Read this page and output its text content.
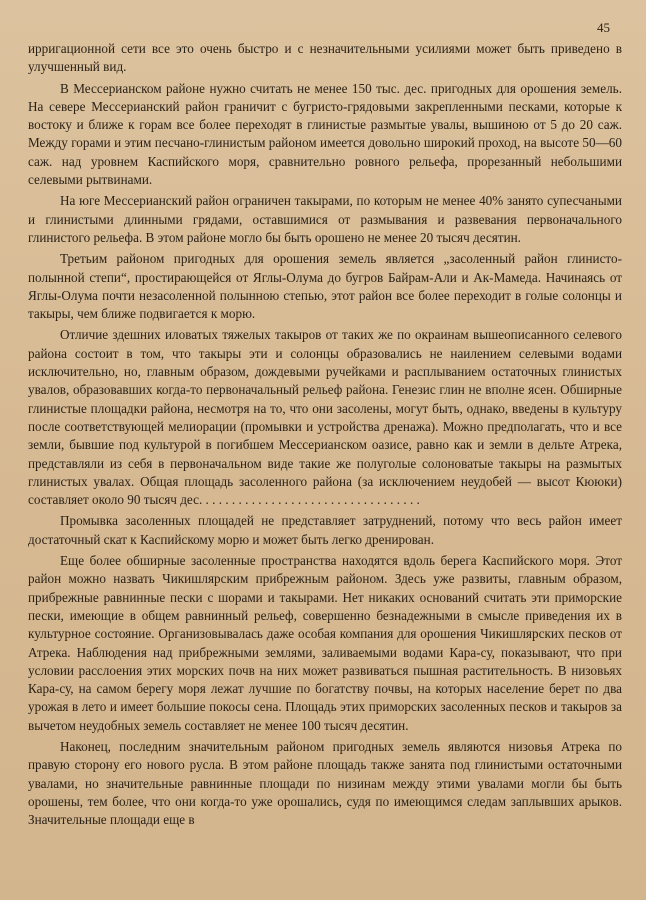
45

ирригационной сети все это очень быстро и с незначительными усилиями может быть приведено в улучшенный вид.

В Мессерианском районе нужно считать не менее 150 тыс. дес. пригодных для орошения земель. На севере Мессерианский район граничит с бугристо-грядовыми закрепленными песками, которые к востоку и ближе к горам все более переходят в глинистые размытые увалы, вышиною от 5 до 20 саж. Между горами и этим песчано-глинистым районом имеется довольно широкий проход, на высоте 50—60 саж. над уровнем Каспийского моря, сравнительно ровного рельефа, прорезанный небольшими селевыми рытвинами.

На юге Мессерианский район ограничен такырами, по которым не менее 40% занято супесчаными и глинистыми длинными грядами, оставшимися от размывания и развевания первоначального глинистого рельефа. В этом районе могло бы быть орошено не менее 20 тысяч десятин.

Третьим районом пригодных для орошения земель является „засоленный район глинисто-полынной степи“, простирающейся от Яглы-Олума до бугров Байрам-Али и Ак-Мамеда. Начинаясь от Яглы-Олума почти незасоленной полынною степью, этот район все более переходит в голые солонцы и такыры, чем ближе подвигается к морю.

Отличие здешних иловатых тяжелых такыров от таких же по окраинам вышеописанного селевого района состоит в том, что такыры эти и солонцы образовались не наилением селевыми водами исключительно, но, главным образом, дождевыми ручейками и расплыванием остаточных глинистых увалов, образовавших когда-то первоначальный рельеф района. Генезис глин не вполне ясен. Обширные глинистые площадки района, несмотря на то, что они засолены, могут быть, однако, введены в культуру после соответствующей мелиорации (промывки и устройства дренажа). Можно предполагать, что и все земли, бывшие под культурой в погибшем Мессерианском оазисе, равно как и земли в дельте Атрека, представляли из себя в первоначальном виде такие же полуголые солоноватые такыры на размытых глинистых увалах. Общая площадь засоленного района (за исключением неудобей — высот Кююки) составляет около 90 тысяч дес. . . . . . . . . . . . . . . . . . . . . . . . . . . . . . . . . .

Промывка засоленных площадей не представляет затруднений, потому что весь район имеет достаточный скат к Каспийскому морю и может быть легко дренирован.

Еще более обширные засоленные пространства находятся вдоль берега Каспийского моря. Этот район можно назвать Чикишлярским прибрежным районом. Здесь уже развиты, главным образом, прибрежные равнинные пески с шорами и такырами. Нет никаких оснований считать эти приморские пески, имеющие в общем равнинный рельеф, совершенно безнадежными в смысле приведения их в культурное состояние. Организовывалась даже особая компания для орошения Чикишлярских песков от Атрека. Наблюдения над прибрежными землями, заливаемыми водами Кара-су, показывают, что при условии расслоения этих морских почв на них может развиваться пышная растительность. В низовьях Кара-су, на самом берегу моря лежат лучшие по богатству почвы, на которых население берет по два урожая в лето и имеет большие покосы сена. Площадь этих приморских засоленных песков и такыров за вычетом неудобных земель составляет не менее 100 тысяч десятин.

Наконец, последним значительным районом пригодных земель являются низовья Атрека по правую сторону его нового русла. В этом районе площадь также занята под глинистыми остаточными увалами, но значительные равнинные площади по низинам между этими увалами могли бы быть орошены, тем более, что они когда-то уже орошались, судя по имеющимся следам заплывших арыков. Значительные площади еще в
